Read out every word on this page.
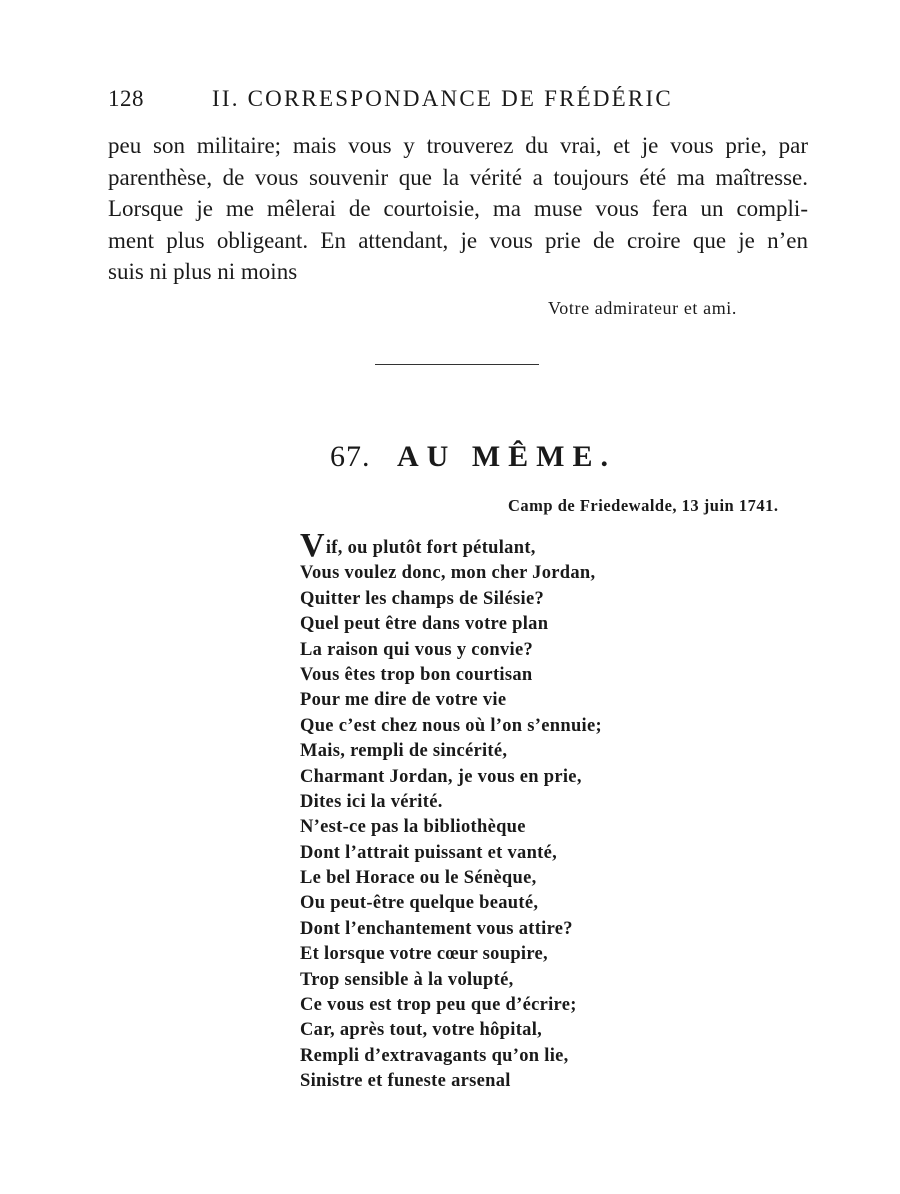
128	II. CORRESPONDANCE DE FRÉDÉRIC
peu son militaire; mais vous y trouverez du vrai, et je vous prie, par
parenthèse, de vous souvenir que la vérité a toujours été ma maîtresse.
Lorsque je me mêlerai de courtoisie, ma muse vous fera un compli-
ment plus obligeant. En attendant, je vous prie de croire que je n’en
suis ni plus ni moins
Votre admirateur et ami.
67. AU MÊME.
Camp de Friedewalde, 13 juin 1741.
Vif, ou plutôt fort pétulant,
Vous voulez donc, mon cher Jordan,
Quitter les champs de Silésie?
Quel peut être dans votre plan
La raison qui vous y convie?
Vous êtes trop bon courtisan
Pour me dire de votre vie
Que c’est chez nous où l’on s’ennuie;
Mais, rempli de sincérité,
Charmant Jordan, je vous en prie,
Dites ici la vérité.
N’est-ce pas la bibliothèque
Dont l’attrait puissant et vanté,
Le bel Horace ou le Sénèque,
Ou peut-être quelque beauté,
Dont l’enchantement vous attire?
Et lorsque votre cœur soupire,
Trop sensible à la volupté,
Ce vous est trop peu que d’écrire;
Car, après tout, votre hôpital,
Rempli d’extravagants qu’on lie,
Sinistre et funeste arsenal
